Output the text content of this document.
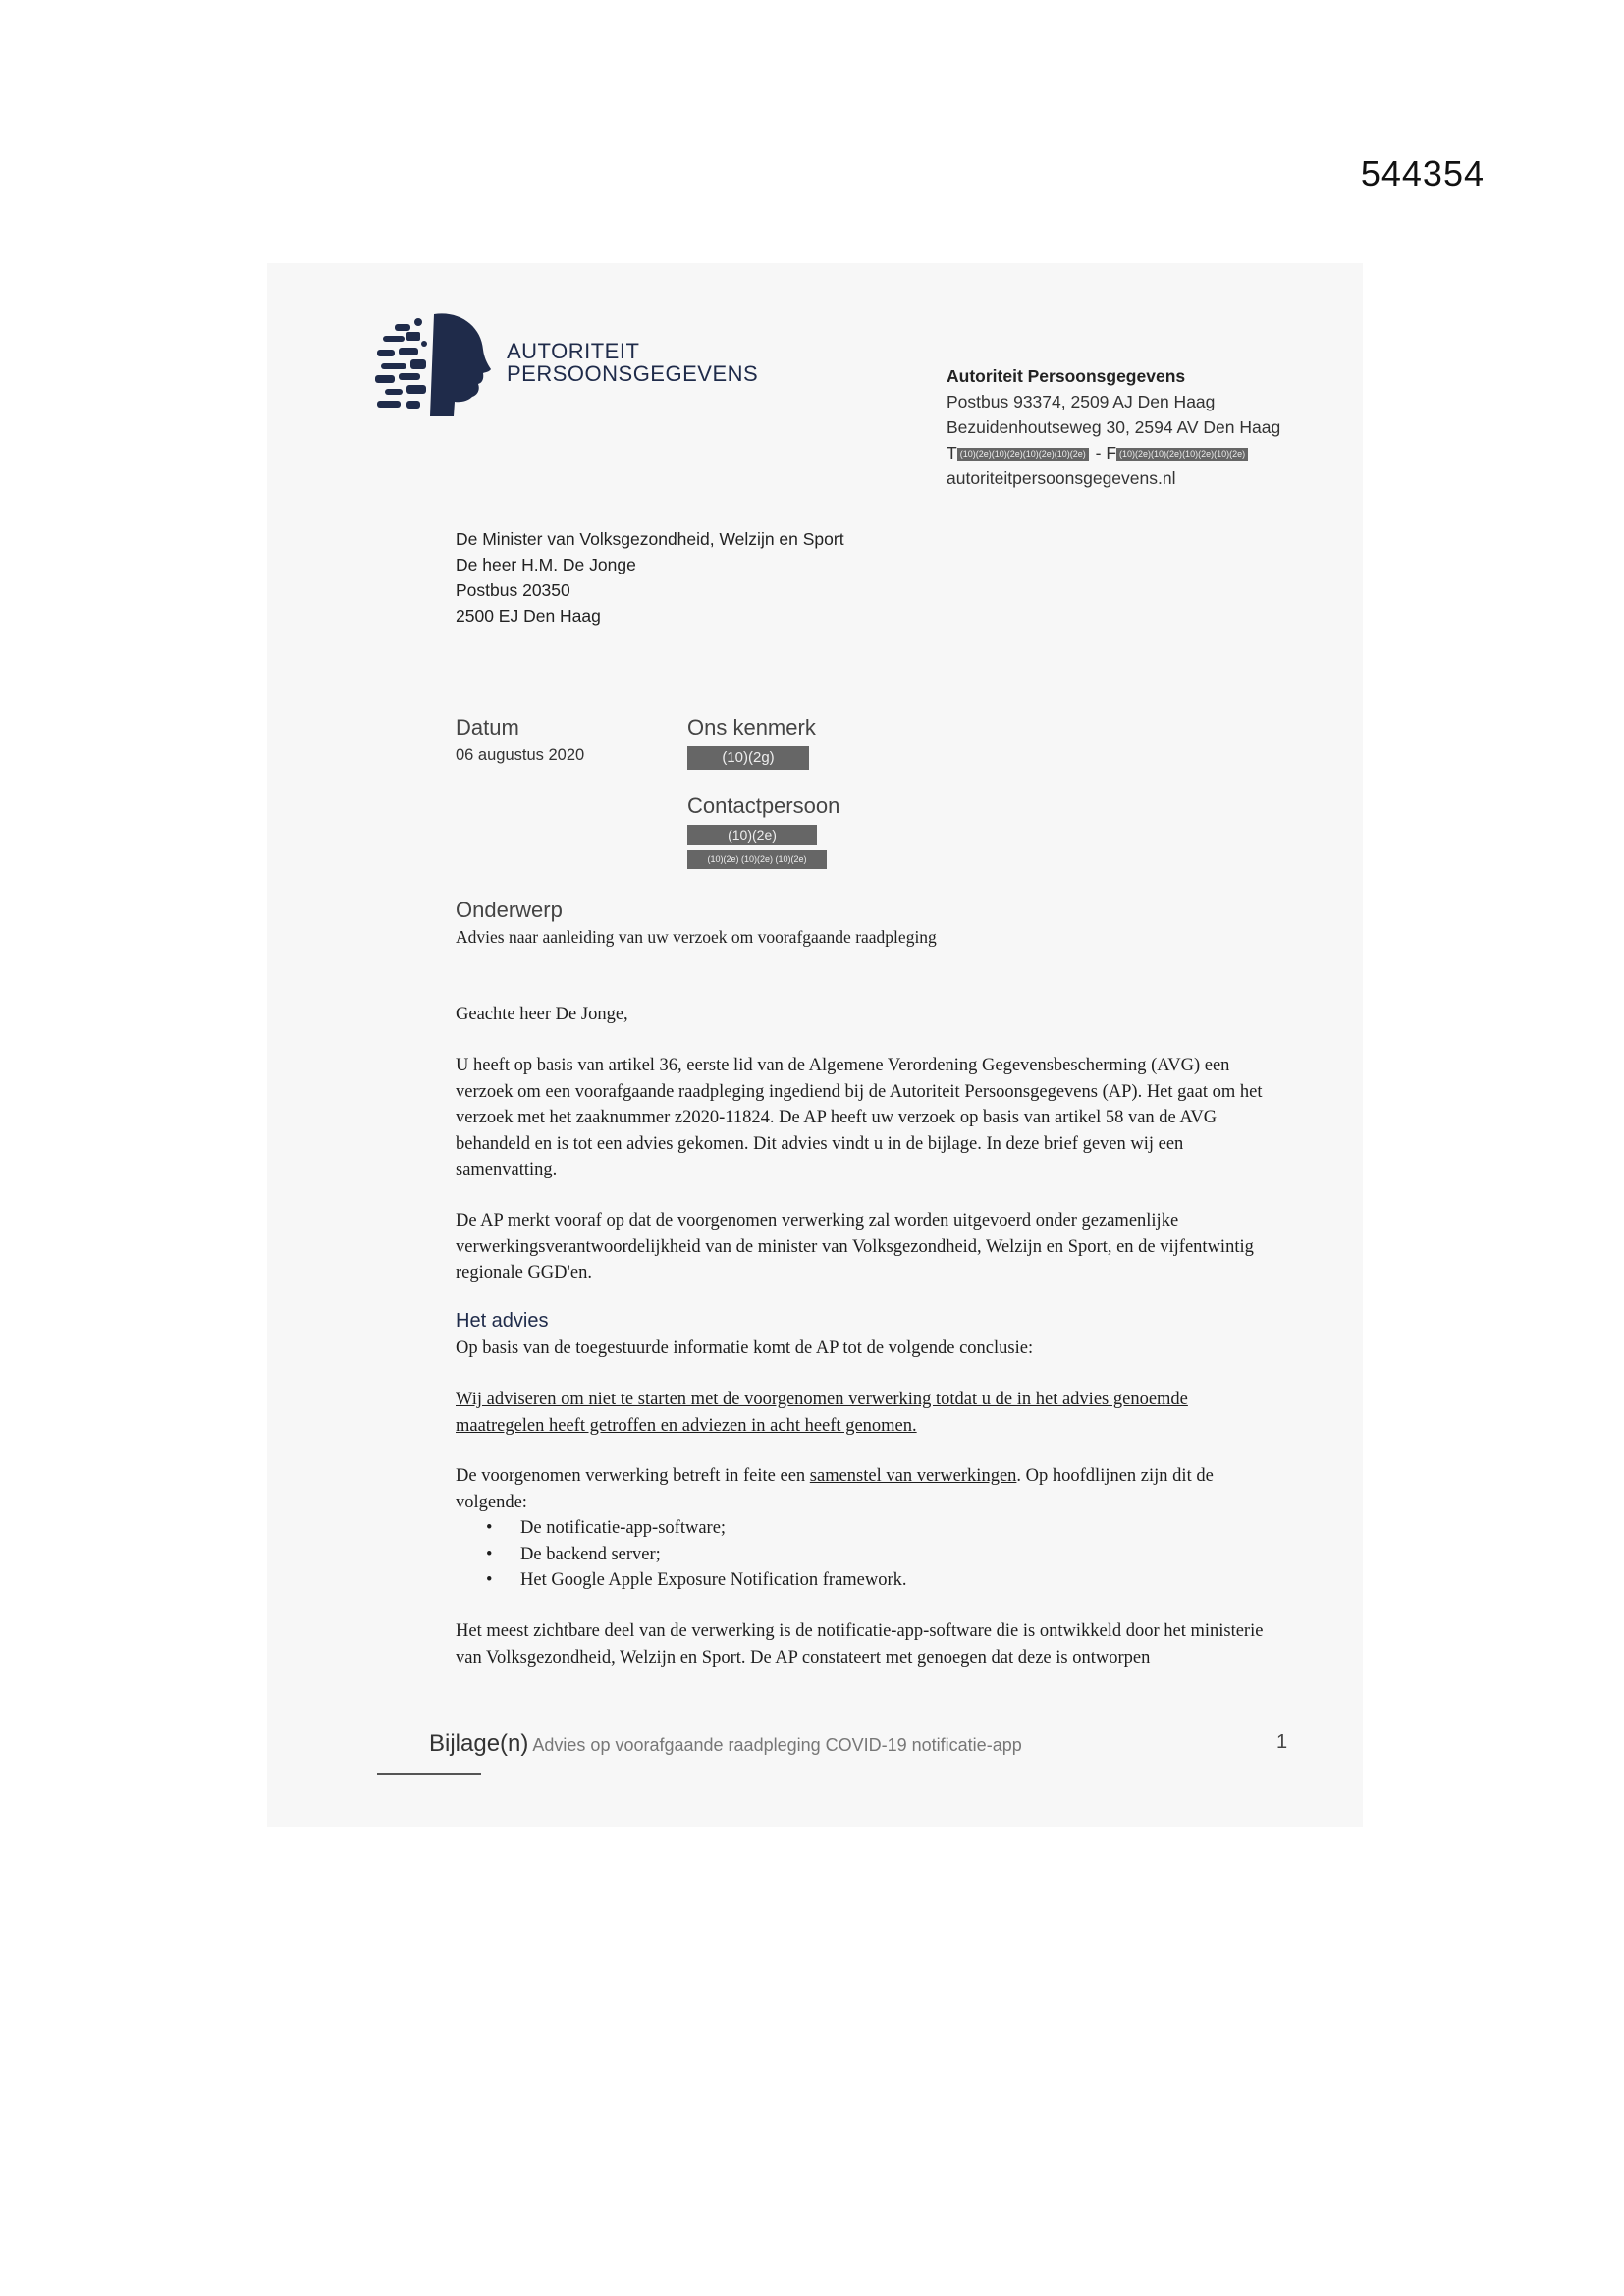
544354
AUTORITEIT
PERSOONSGEGEVENS	Autoriteit Persoonsgegevens
Postbus 93374, 2509 AJ Den Haag
Bezuidenhoutseweg 30, 2594 AV Den Haag
T (10)(2e)(10)(2e)(10)(2e)(10)(2e) - F (10)(2e)(10)(2e)(10)(2e)(10)(2e)
autoriteitpersoonsgegevens.nl
De Minister van Volksgezondheid, Welzijn en Sport
De heer H.M. De Jonge
Postbus 20350
2500 EJ Den Haag
Datum
06 augustus 2020
Ons kenmerk
(10)(2g)
Contactpersoon
(10)(2e)
(10)(2e) (10)(2e) (10)(2e)
Onderwerp
Advies naar aanleiding van uw verzoek om voorafgaande raadpleging
Geachte heer De Jonge,

U heeft op basis van artikel 36, eerste lid van de Algemene Verordening Gegevensbescherming (AVG) een verzoek om een voorafgaande raadpleging ingediend bij de Autoriteit Persoonsgegevens (AP). Het gaat om het verzoek met het zaaknummer z2020-11824. De AP heeft uw verzoek op basis van artikel 58 van de AVG behandeld en is tot een advies gekomen. Dit advies vindt u in de bijlage. In deze brief geven wij een samenvatting.

De AP merkt vooraf op dat de voorgenomen verwerking zal worden uitgevoerd onder gezamenlijke verwerkingsverantwoordelijkheid van de minister van Volksgezondheid, Welzijn en Sport, en de vijfentwintig regionale GGD'en.

Het advies

Op basis van de toegestuurde informatie komt de AP tot de volgende conclusie:

Wij adviseren om niet te starten met de voorgenomen verwerking totdat u de in het advies genoemde maatregelen heeft getroffen en adviezen in acht heeft genomen.

De voorgenomen verwerking betreft in feite een samenstel van verwerkingen. Op hoofdlijnen zijn dit de volgende:

• De notificatie-app-software;
• De backend server;
• Het Google Apple Exposure Notification framework.

Het meest zichtbare deel van de verwerking is de notificatie-app-software die is ontwikkeld door het ministerie van Volksgezondheid, Welzijn en Sport. De AP constateert met genoegen dat deze is ontworpen

Bijlage(n) Advies op voorafgaande raadpleging COVID-19 notificatie-app	1
